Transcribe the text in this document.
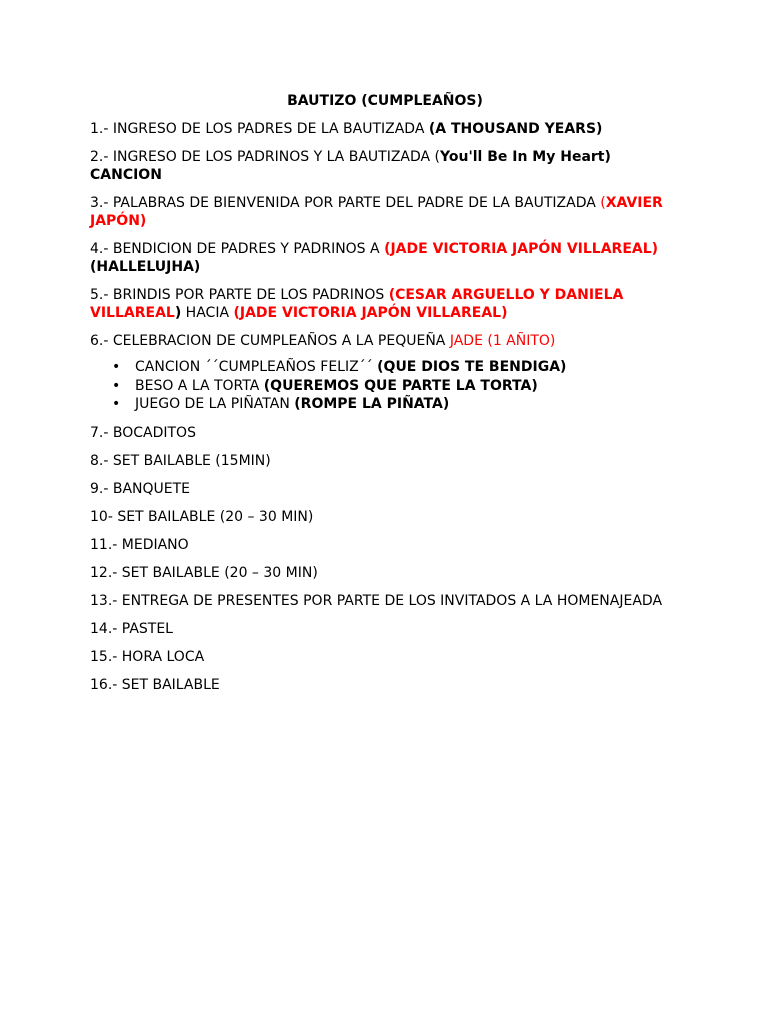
BAUTIZO (CUMPLEAÑOS)

1.- INGRESO DE LOS PADRES DE LA BAUTIZADA (A THOUSAND YEARS)

2.- INGRESO DE LOS PADRINOS Y LA BAUTIZADA (You'll Be In My Heart) CANCION

3.- PALABRAS DE BIENVENIDA POR PARTE DEL PADRE DE LA BAUTIZADA (XAVIER JAPÓN)

4.- BENDICION DE PADRES Y PADRINOS A (JADE VICTORIA JAPÓN VILLAREAL) (HALLELUJHA)

5.- BRINDIS POR PARTE DE LOS PADRINOS (CESAR ARGUELLO Y DANIELA VILLAREAL) HACIA (JADE VICTORIA JAPÓN VILLAREAL)

6.- CELEBRACION DE CUMPLEAÑOS A LA PEQUEÑA JADE (1 AÑITO)

• CANCION ´´CUMPLEAÑOS FELIZ´´ (QUE DIOS TE BENDIGA)
• BESO A LA TORTA (QUEREMOS QUE PARTE LA TORTA)
• JUEGO DE LA PIÑATAN (ROMPE LA PIÑATA)

7.- BOCADITOS

8.- SET BAILABLE (15MIN)

9.- BANQUETE

10- SET BAILABLE (20 – 30 MIN)

11.- MEDIANO

12.- SET BAILABLE (20 – 30 MIN)

13.- ENTREGA DE PRESENTES POR PARTE DE LOS INVITADOS A LA HOMENAJEADA

14.- PASTEL

15.- HORA LOCA

16.- SET BAILABLE
